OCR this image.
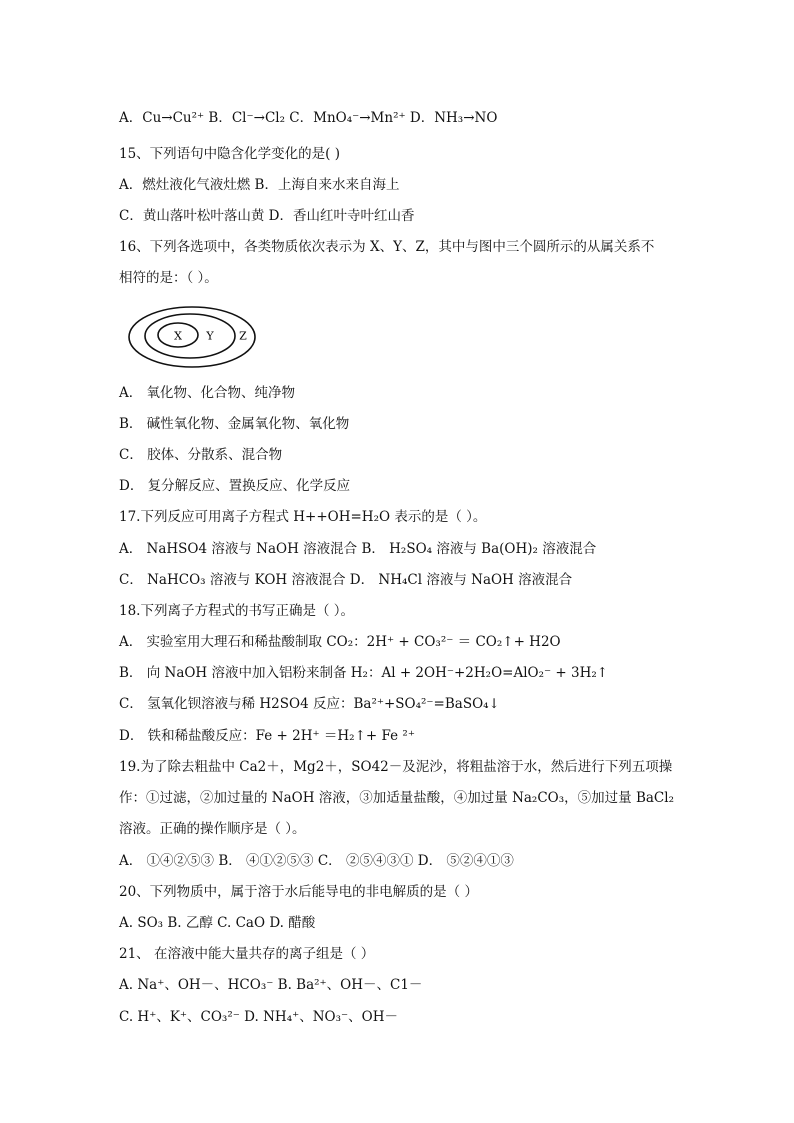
A．Cu→Cu²⁺ B．Cl⁻→Cl₂ C．MnO₄⁻→Mn²⁺ D．NH₃→NO
15、下列语句中隐含化学变化的是( )
A．燃灶液化气液灶燃 B．上海自来水来自海上
C．黄山落叶松叶落山黄 D．香山红叶寺叶红山香
16、下列各选项中，各类物质依次表示为 X、Y、Z，其中与图中三个圆所示的从属关系不
相符的是：（ ）。
X Y Z
A． 氧化物、化合物、纯净物
B． 碱性氧化物、金属氧化物、氧化物
C． 胶体、分散系、混合物
D． 复分解反应、置换反应、化学反应
17.下列反应可用离子方程式 H++OH=H₂O 表示的是（ ）。
A． NaHSO4 溶液与 NaOH 溶液混合 B． H₂SO₄ 溶液与 Ba(OH)₂ 溶液混合
C． NaHCO₃ 溶液与 KOH 溶液混合 D． NH₄Cl 溶液与 NaOH 溶液混合
18.下列离子方程式的书写正确是（ ）。
A． 实验室用大理石和稀盐酸制取 CO₂：2H⁺ + CO₃²⁻ ＝ CO₂↑+ H2O
B． 向 NaOH 溶液中加入铝粉来制备 H₂：Al + 2OH⁻+2H₂O=AlO₂⁻ + 3H₂↑
C． 氢氧化钡溶液与稀 H2SO4 反应：Ba²⁺+SO₄²⁻=BaSO₄↓
D． 铁和稀盐酸反应：Fe + 2H⁺ ＝H₂↑+ Fe ²⁺
19.为了除去粗盐中 Ca2＋，Mg2＋，SO42－及泥沙，将粗盐溶于水，然后进行下列五项操
作：①过滤，②加过量的 NaOH 溶液，③加适量盐酸，④加过量 Na₂CO₃，⑤加过量 BaCl₂
溶液。正确的操作顺序是（ ）。
A． ①④②⑤③ B． ④①②⑤③ C． ②⑤④③① D． ⑤②④①③
20、下列物质中，属于溶于水后能导电的非电解质的是（ ）
A. SO₃ B. 乙醇 C. CaO D. 醋酸
21、 在溶液中能大量共存的离子组是（ ）
A. Na⁺、OH－、HCO₃⁻ B. Ba²⁺、OH－、C1－
C. H⁺、K⁺、CO₃²⁻ D. NH₄⁺、NO₃⁻、OH－
